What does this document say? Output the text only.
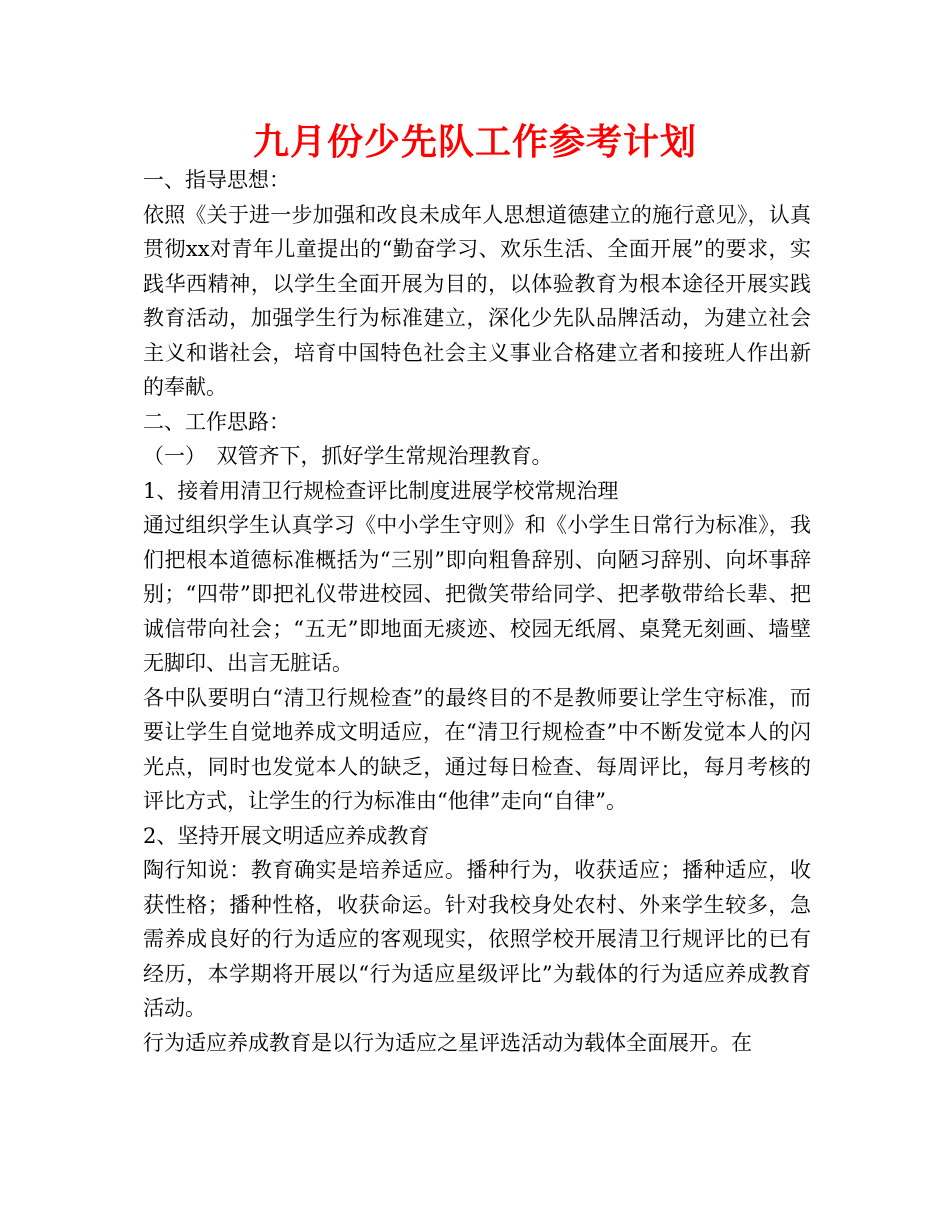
九月份少先队工作参考计划

一、指导思想：

依照《关于进一步加强和改良未成年人思想道德建立的施行意见》，认真贯彻xx对青年儿童提出的“勤奋学习、欢乐生活、全面开展”的要求，实践华西精神，以学生全面开展为目的，以体验教育为根本途径开展实践教育活动，加强学生行为标准建立，深化少先队品牌活动，为建立社会主义和谐社会，培育中国特色社会主义事业合格建立者和接班人作出新的奉献。

二、工作思路：

（一）　双管齐下，抓好学生常规治理教育。

1、接着用清卫行规检查评比制度进展学校常规治理

通过组织学生认真学习《中小学生守则》和《小学生日常行为标准》，我们把根本道德标准概括为“三别”即向粗鲁辞别、向陋习辞别、向坏事辞别；“四带”即把礼仪带进校园、把微笑带给同学、把孝敬带给长辈、把诚信带向社会；“五无”即地面无痰迹、校园无纸屑、桌凳无刻画、墙壁无脚印、出言无脏话。

各中队要明白“清卫行规检查”的最终目的不是教师要让学生守标准，而要让学生自觉地养成文明适应，在“清卫行规检查”中不断发觉本人的闪光点，同时也发觉本人的缺乏，通过每日检查、每周评比，每月考核的评比方式，让学生的行为标准由“他律”走向“自律”。

2、坚持开展文明适应养成教育

陶行知说：教育确实是培养适应。播种行为，收获适应；播种适应，收获性格；播种性格，收获命运。针对我校身处农村、外来学生较多，急需养成良好的行为适应的客观现实，依照学校开展清卫行规评比的已有经历，本学期将开展以“行为适应星级评比”为载体的行为适应养成教育活动。

行为适应养成教育是以行为适应之星评选活动为载体全面展开。在
